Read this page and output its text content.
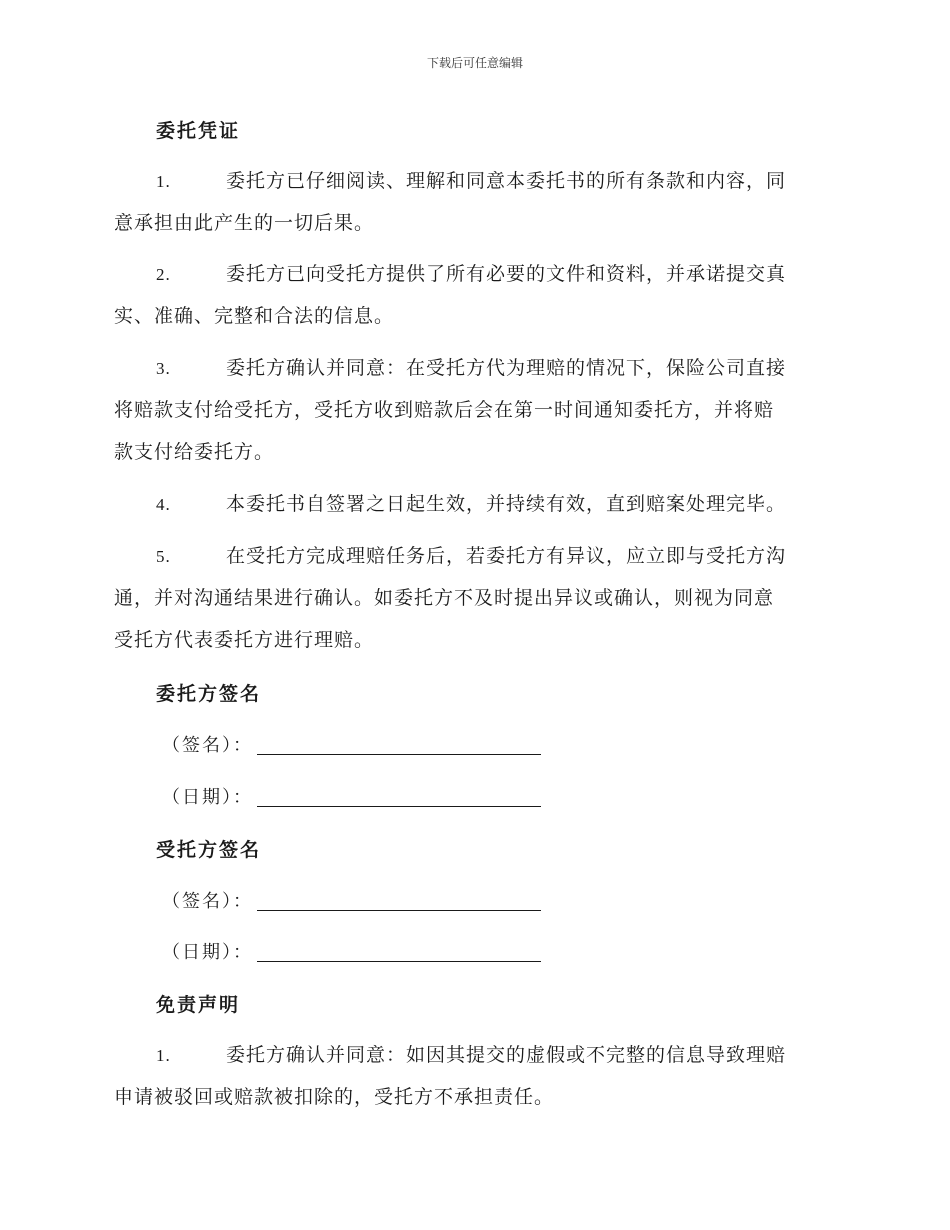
下载后可任意编辑
委托凭证
1.	委托方已仔细阅读、理解和同意本委托书的所有条款和内容，同
意承担由此产生的一切后果。
2.	委托方已向受托方提供了所有必要的文件和资料，并承诺提交真
实、准确、完整和合法的信息。
3.	委托方确认并同意：在受托方代为理赔的情况下，保险公司直接
将赔款支付给受托方，受托方收到赔款后会在第一时间通知委托方，并将赔
款支付给委托方。
4.	本委托书自签署之日起生效，并持续有效，直到赔案处理完毕。
5.	在受托方完成理赔任务后，若委托方有异议，应立即与受托方沟
通，并对沟通结果进行确认。如委托方不及时提出异议或确认，则视为同意
受托方代表委托方进行理赔。
委托方签名
（签名）：
（日期）：
受托方签名
（签名）：
（日期）：
免责声明
1.	委托方确认并同意：如因其提交的虚假或不完整的信息导致理赔
申请被驳回或赔款被扣除的，受托方不承担责任。
